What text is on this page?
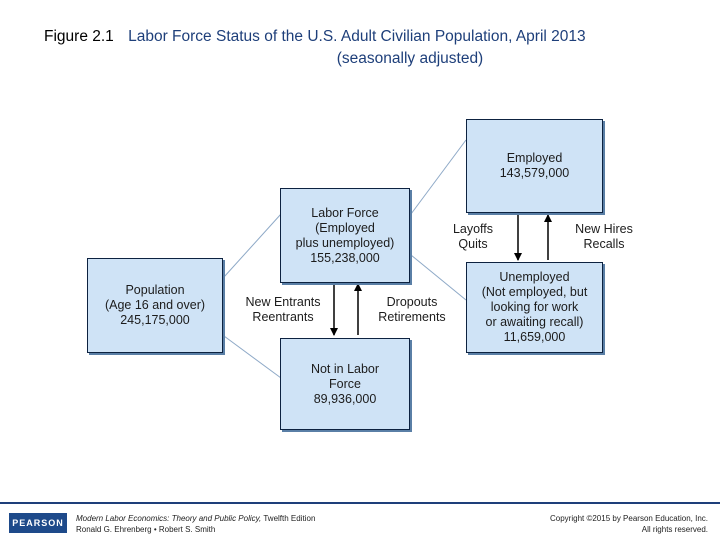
Figure 2.1 Labor Force Status of the U.S. Adult Civilian Population, April 2013
(seasonally adjusted)
Population
(Age 16 and over)
245,175,000
Labor Force
(Employed
plus unemployed)
155,238,000
Not in Labor
Force
89,936,000
Employed
143,579,000
Unemployed
(Not employed, but
looking for work
or awaiting recall)
11,659,000
New Entrants
Reentrants
Dropouts
Retirements
Layoffs
Quits
New Hires
Recalls
PEARSON	Modern Labor Economics: Theory and Public Policy, Twelfth Edition
Ronald G. Ehrenberg • Robert S. Smith
Copyright ©2015 by Pearson Education, Inc.
All rights reserved.
